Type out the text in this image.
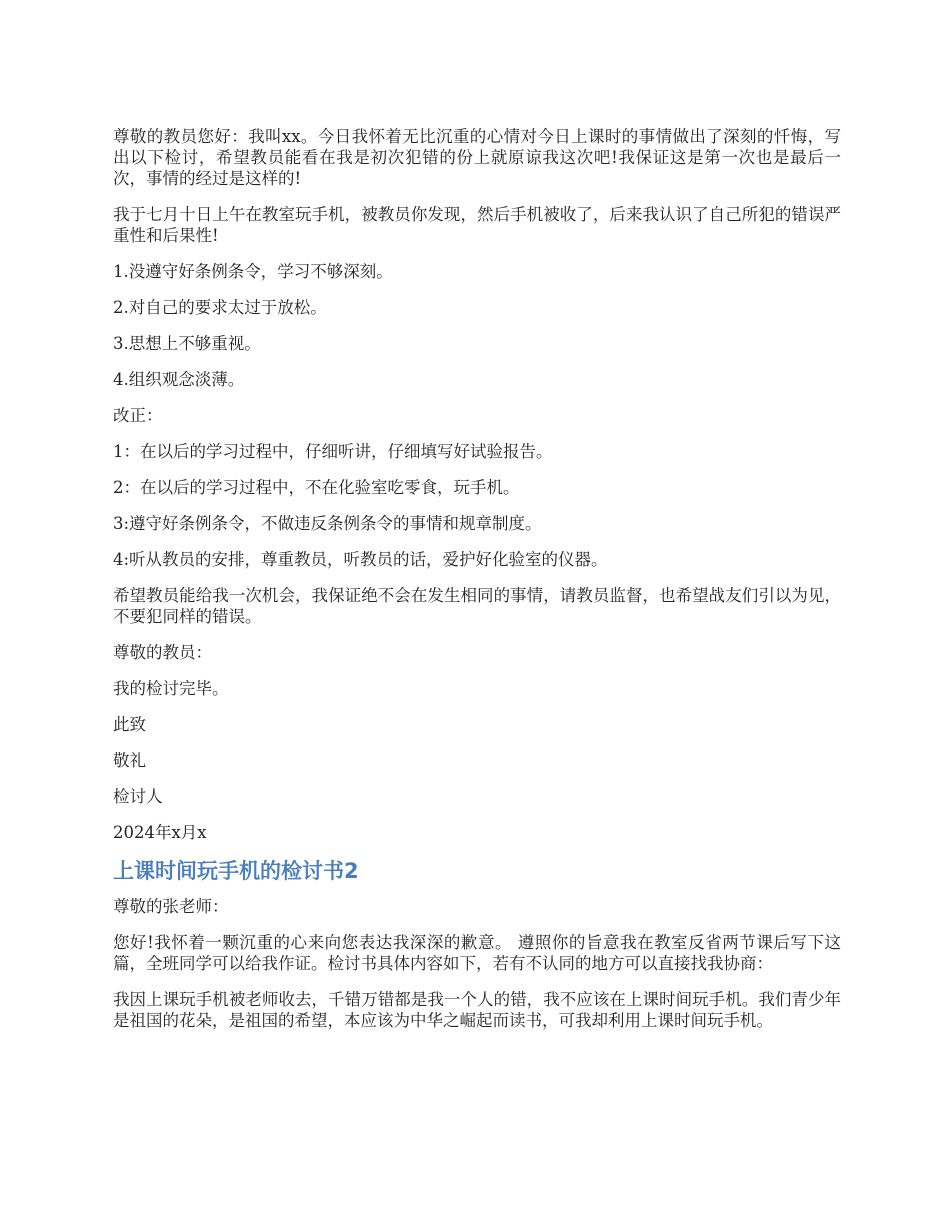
尊敬的教员您好：我叫xx。今日我怀着无比沉重的心情对今日上课时的事情做出了深刻的忏悔，写出以下检讨，希望教员能看在我是初次犯错的份上就原谅我这次吧!我保证这是第一次也是最后一次，事情的经过是这样的!

我于七月十日上午在教室玩手机，被教员你发现，然后手机被收了，后来我认识了自己所犯的错误严重性和后果性!

1.没遵守好条例条令，学习不够深刻。

2.对自己的要求太过于放松。

3.思想上不够重视。

4.组织观念淡薄。

改正：

1：在以后的学习过程中，仔细听讲，仔细填写好试验报告。

2：在以后的学习过程中，不在化验室吃零食，玩手机。

3:遵守好条例条令，不做违反条例条令的事情和规章制度。

4:听从教员的安排，尊重教员，听教员的话，爱护好化验室的仪器。

希望教员能给我一次机会，我保证绝不会在发生相同的事情，请教员监督，也希望战友们引以为见，不要犯同样的错误。

尊敬的教员：

我的检讨完毕。

此致

敬礼

检讨人

2024年x月x

上课时间玩手机的检讨书2

尊敬的张老师：

您好!我怀着一颗沉重的心来向您表达我深深的歉意。 遵照你的旨意我在教室反省两节课后写下这篇，全班同学可以给我作证。检讨书具体内容如下，若有不认同的地方可以直接找我协商：

我因上课玩手机被老师收去，千错万错都是我一个人的错，我不应该在上课时间玩手机。我们青少年是祖国的花朵，是祖国的希望，本应该为中华之崛起而读书，可我却利用上课时间玩手机。
